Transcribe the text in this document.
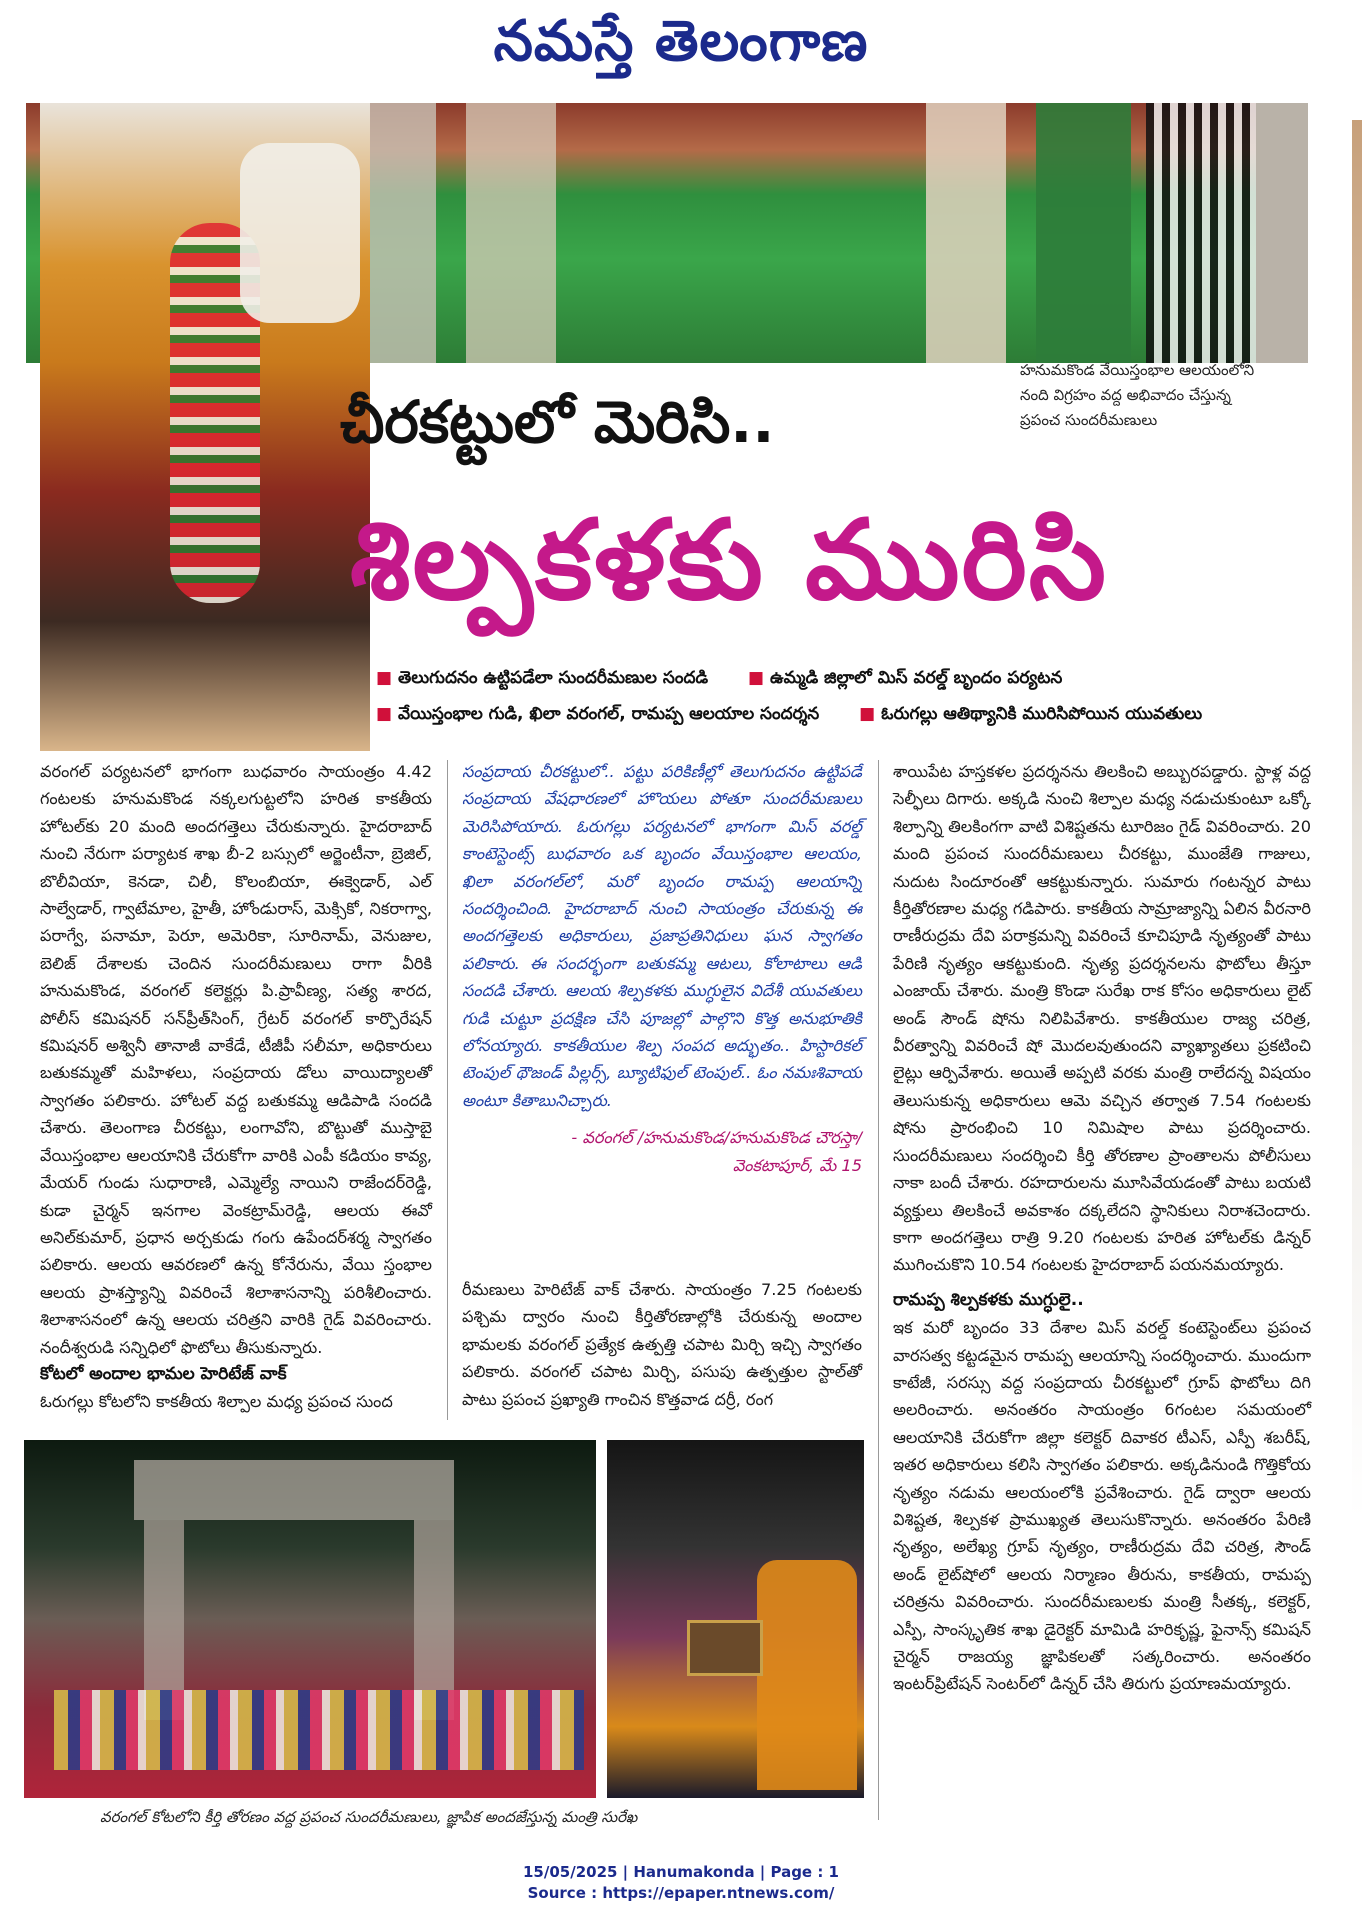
నమస్తే తెలంగాణ
హనుమకొండ వేయిస్తంభాల ఆలయంలోని
నంది విగ్రహం వద్ద అభివాదం చేస్తున్న
ప్రపంచ సుందరీమణులు
చీరకట్టులో మెరిసి..
శిల్పకళకు మురిసి
■ తెలుగుదనం ఉట్టిపడేలా సుందరీమణుల సందడి	■ ఉమ్మడి జిల్లాలో మిస్ వరల్డ్ బృందం పర్యటన
■ వేయిస్తంభాల గుడి, ఖిలా వరంగల్, రామప్ప ఆలయాల సందర్శన	■ ఓరుగల్లు ఆతిథ్యానికి మురిసిపోయిన యువతులు
వరంగల్ పర్యటనలో భాగంగా బుధవారం సాయంత్రం 4.42 గంటలకు హనుమకొండ నక్కలగుట్టలోని హరిత కాకతీయ హోటల్‌కు 20 మంది అందగత్తెలు చేరుకున్నారు. హైదరాబాద్ నుంచి నేరుగా పర్యాటక శాఖ బీ-2 బస్సులో అర్జెంటీనా, బ్రెజిల్, బొలీవియా, కెనడా, చిలీ, కొలంబియా, ఈక్వెడార్, ఎల్ సాల్వేడార్, గ్వాటేమాల, హైతీ, హోండురాస్, మెక్సికో, నికరాగ్వా, పరాగ్వే, పనామా, పెరూ, అమెరికా, సూరినామ్, వెనుజుల, బెలిజ్ దేశాలకు చెందిన సుందరీమణులు రాగా వీరికి హనుమకొండ, వరంగల్ కలెక్టర్లు పి.ప్రావీణ్య, సత్య శారద, పోలీస్ కమిషనర్ సన్‌ప్రీత్‌సింగ్, గ్రేటర్ వరంగల్ కార్పొరేషన్ కమిషనర్ అశ్వినీ తానాజీ వాకేడే, టీజీపీ సలీమా, అధికారులు బతుకమ్మతో మహిళలు, సంప్రదాయ డోలు వాయిద్యాలతో స్వాగతం పలికారు. హోటల్ వద్ద బతుకమ్మ ఆడిపాడి సందడి చేశారు. తెలంగాణ చీరకట్టు, లంగావోని, బొట్టుతో ముస్తాబై వేయిస్తంభాల ఆలయానికి చేరుకోగా వారికి ఎంపీ కడియం కావ్య, మేయర్ గుండు సుధారాణి, ఎమ్మెల్యే నాయిని రాజేందర్‌రెడ్డి, కుడా చైర్మన్ ఇనగాల వెంకట్రామ్‌రెడ్డి, ఆలయ ఈవో అనిల్‌కుమార్, ప్రధాన అర్చకుడు గంగు ఉపేందర్‌శర్మ స్వాగతం పలికారు. ఆలయ ఆవరణలో ఉన్న కోనేరును, వేయి స్తంభాల ఆలయ ప్రాశస్త్యాన్ని వివరించే శిలాశాసనాన్ని పరిశీలించారు. శిలాశాసనంలో ఉన్న ఆలయ చరిత్రని వారికి గైడ్ వివరించారు. నందీశ్వరుడి సన్నిధిలో ఫొటోలు తీసుకున్నారు.
కోటలో అందాల భామల హెరిటేజ్ వాక్
ఓరుగల్లు కోటలోని కాకతీయ శిల్పాల మధ్య ప్రపంచ సుంద
సంప్రదాయ చీరకట్టులో.. పట్టు పరికిణీల్లో తెలుగుదనం ఉట్టిపడే సంప్రదాయ వేషధారణలో హొయలు పోతూ సుందరీమణులు మెరిసిపోయారు. ఓరుగల్లు పర్యటనలో భాగంగా మిస్ వరల్డ్ కాంటెస్టెంట్స్ బుధవారం ఒక బృందం వేయిస్తంభాల ఆలయం, ఖిలా వరంగల్‌లో, మరో బృందం రామప్ప ఆలయాన్ని సందర్శించింది. హైదరాబాద్ నుంచి సాయంత్రం చేరుకున్న ఈ అందగత్తెలకు అధికారులు, ప్రజాప్రతినిధులు ఘన స్వాగతం పలికారు. ఈ సందర్భంగా బతుకమ్మ ఆటలు, కోలాటాలు ఆడి సందడి చేశారు. ఆలయ శిల్పకళకు ముగ్ధులైన విదేశీ యువతులు గుడి చుట్టూ ప్రదక్షిణ చేసి పూజల్లో పాల్గొని కొత్త అనుభూతికి లోనయ్యారు. కాకతీయుల శిల్ప సంపద అద్భుతం.. హిస్టారికల్ టెంపుల్ థౌజండ్ పిల్లర్స్, బ్యూటిఫుల్ టెంపుల్.. ఓం నమఃశివాయ అంటూ కితాబునిచ్చారు.
- వరంగల్ /హనుమకొండ/హనుమకొండ చౌరస్తా/
వెంకటాపూర్, మే 15
రీమణులు హెరిటేజ్ వాక్ చేశారు. సాయంత్రం 7.25 గంటలకు పశ్చిమ ద్వారం నుంచి కీర్తితోరణాల్లోకి చేరుకున్న అందాల భామలకు వరంగల్ ప్రత్యేక ఉత్పత్తి చపాట మిర్చి ఇచ్చి స్వాగతం పలికారు. వరంగల్ చపాట మిర్చి, పసుపు ఉత్పత్తుల స్టాల్‌తో పాటు ప్రపంచ ప్రఖ్యాతి గాంచిన కొత్తవాడ దర్రీ, రంగ
శాయిపేట హస్తకళల ప్రదర్శనను తిలకించి అబ్బురపడ్డారు. స్టాళ్ల వద్ద సెల్ఫీలు దిగారు. అక్కడి నుంచి శిల్పాల మధ్య నడుచుకుంటూ ఒక్కో శిల్పాన్ని తిలకింగగా వాటి విశిష్టతను టూరిజం గైడ్ వివరించారు. 20 మంది ప్రపంచ సుందరీమణులు చీరకట్టు, ముంజేతి గాజులు, నుదుట సిందూరంతో ఆకట్టుకున్నారు. సుమారు గంటన్నర పాటు కీర్తితోరణాల మధ్య గడిపారు. కాకతీయ సామ్రాజ్యాన్ని ఏలిన వీరనారి రాణీరుద్రమ దేవి పరాక్రమన్ని వివరించే కూచిపూడి నృత్యంతో పాటు పేరిణి నృత్యం ఆకట్టుకుంది. నృత్య ప్రదర్శనలను ఫొటోలు తీస్తూ ఎంజాయ్ చేశారు. మంత్రి కొండా సురేఖ రాక కోసం అధికారులు లైట్ అండ్ సౌండ్ షోను నిలిపివేశారు. కాకతీయుల రాజ్య చరిత్ర, వీరత్వాన్ని వివరించే షో మొదలవుతుందని వ్యాఖ్యాతలు ప్రకటించి లైట్లు ఆర్పివేశారు. అయితే అప్పటి వరకు మంత్రి రాలేదన్న విషయం తెలుసుకున్న అధికారులు ఆమె వచ్చిన తర్వాత 7.54 గంటలకు షోను ప్రారంభించి 10 నిమిషాల పాటు ప్రదర్శించారు. సుందరీమణులు సందర్శించి కీర్తి తోరణాల ప్రాంతాలను పోలీసులు నాకా బందీ చేశారు. రహదారులను మూసివేయడంతో పాటు బయటి వ్యక్తులు తిలకించే అవకాశం దక్కలేదని స్థానికులు నిరాశచెందారు. కాగా అందగత్తెలు రాత్రి 9.20 గంటలకు హరిత హోటల్‌కు డిన్నర్ ముగించుకొని 10.54 గంటలకు హైదరాబాద్ పయనమయ్యారు.
రామప్ప శిల్పకళకు ముగ్ధులై..
ఇక మరో బృందం 33 దేశాల మిస్ వరల్డ్ కంటెస్టెంట్‌లు ప్రపంచ వారసత్వ కట్టడమైన రామప్ప ఆలయాన్ని సందర్శించారు. ముందుగా కాటేజీ, సరస్సు వద్ద సంప్రదాయ చీరకట్టులో గ్రూప్ ఫొటోలు దిగి అలరించారు. అనంతరం సాయంత్రం 6గంటల సమయంలో ఆలయానికి చేరుకోగా జిల్లా కలెక్టర్ దివాకర టీఎస్, ఎస్పీ శబరీష్, ఇతర అధికారులు కలిసి స్వాగతం పలికారు. అక్కడినుండి గొత్తికోయ నృత్యం నడుమ ఆలయంలోకి ప్రవేశించారు. గైడ్ ద్వారా ఆలయ విశిష్టత, శిల్పకళ ప్రాముఖ్యత తెలుసుకొన్నారు. అనంతరం పేరిణి నృత్యం, అలేఖ్య గ్రూప్ నృత్యం, రాణీరుద్రమ దేవి చరిత్ర, సౌండ్ అండ్ లైట్‌షోలో ఆలయ నిర్మాణం తీరును, కాకతీయ, రామప్ప చరిత్రను వివరించారు. సుందరీమణులకు మంత్రి సీతక్క, కలెక్టర్, ఎస్పీ, సాంస్కృతిక శాఖ డైరెక్టర్ మామిడి హరికృష్ణ, ఫైనాన్స్ కమిషన్ చైర్మన్ రాజయ్య జ్ఞాపికలతో సత్కరించారు. అనంతరం ఇంటర్‌ప్రిటేషన్ సెంటర్‌లో డిన్నర్ చేసి తిరుగు ప్రయాణమయ్యారు.
వరంగల్ కోటలోని కీర్తి తోరణం వద్ద ప్రపంచ సుందరీమణులు, జ్ఞాపిక అందజేస్తున్న మంత్రి సురేఖ
15/05/2025 | Hanumakonda | Page : 1
Source : https://epaper.ntnews.com/
